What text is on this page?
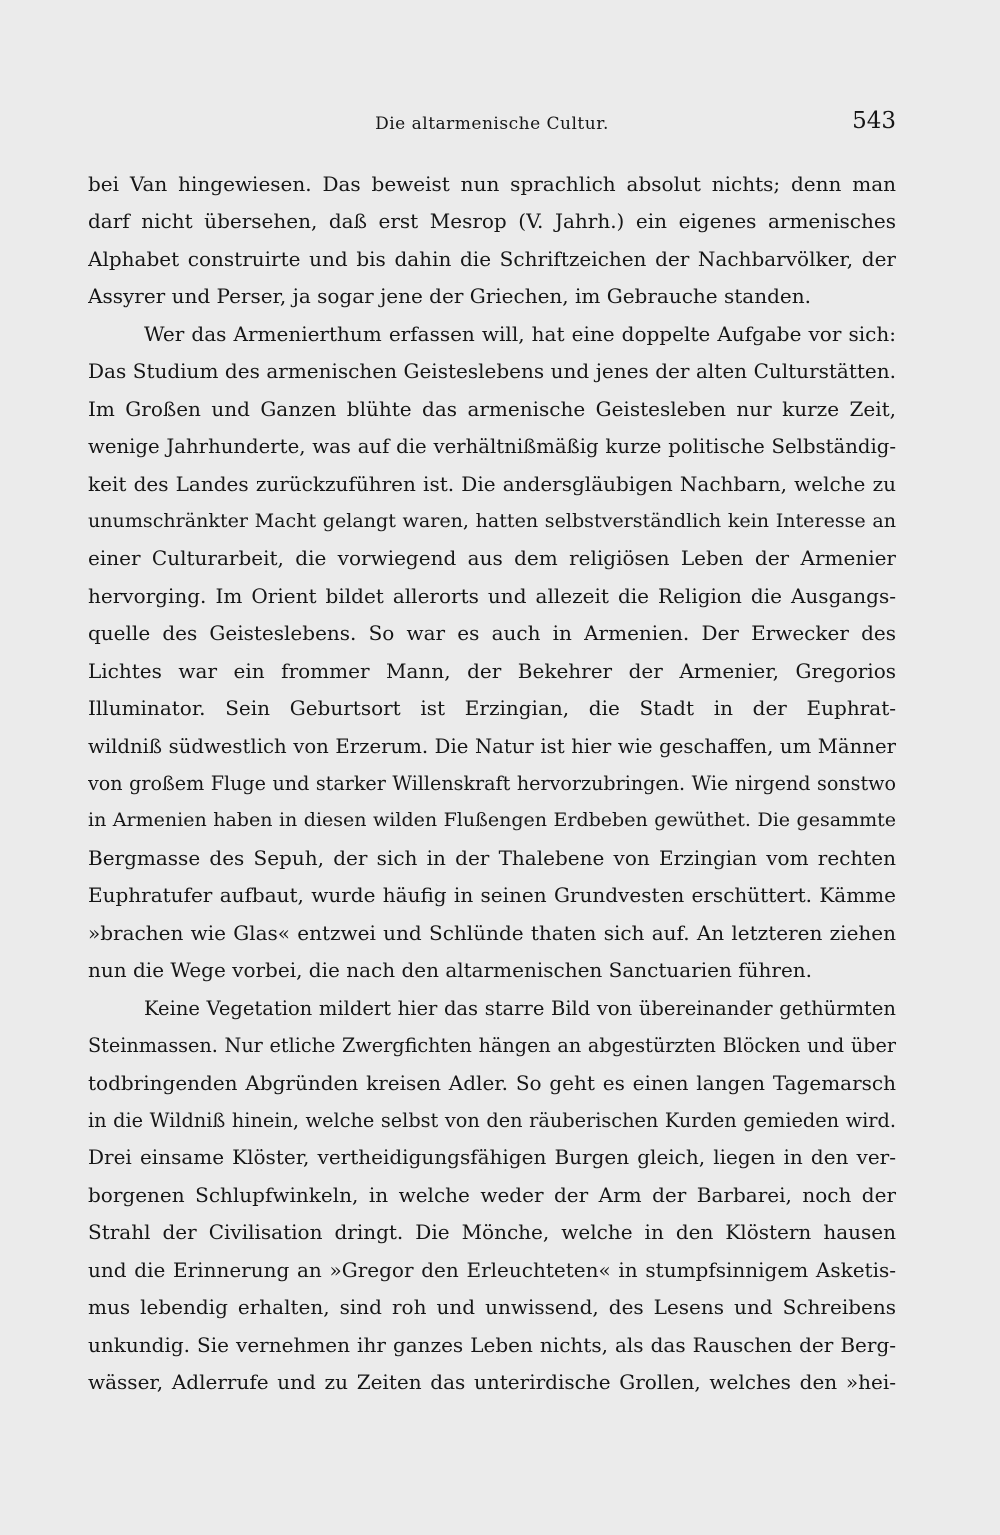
Die altarmenische Cultur.	543
bei Van hingewiesen. Das beweist nun sprachlich absolut nichts; denn man
darf nicht übersehen, daß erst Mesrop (V. Jahrh.) ein eigenes armenisches
Alphabet construirte und bis dahin die Schriftzeichen der Nachbarvölker, der
Assyrer und Perser, ja sogar jene der Griechen, im Gebrauche standen.
Wer das Armenierthum erfassen will, hat eine doppelte Aufgabe vor sich:
Das Studium des armenischen Geisteslebens und jenes der alten Culturstätten.
Im Großen und Ganzen blühte das armenische Geistesleben nur kurze Zeit,
wenige Jahrhunderte, was auf die verhältnißmäßig kurze politische Selbständig-
keit des Landes zurückzuführen ist. Die andersgläubigen Nachbarn, welche zu
unumschränkter Macht gelangt waren, hatten selbstverständlich kein Interesse an
einer Culturarbeit, die vorwiegend aus dem religiösen Leben der Armenier
hervorging. Im Orient bildet allerorts und allezeit die Religion die Ausgangs-
quelle des Geisteslebens. So war es auch in Armenien. Der Erwecker des
Lichtes war ein frommer Mann, der Bekehrer der Armenier, Gregorios
Illuminator. Sein Geburtsort ist Erzingian, die Stadt in der Euphrat-
wildniß südwestlich von Erzerum. Die Natur ist hier wie geschaffen, um Männer
von großem Fluge und starker Willenskraft hervorzubringen. Wie nirgend sonstwo
in Armenien haben in diesen wilden Flußengen Erdbeben gewüthet. Die gesammte
Bergmasse des Sepuh, der sich in der Thalebene von Erzingian vom rechten
Euphratufer aufbaut, wurde häufig in seinen Grundvesten erschüttert. Kämme
»brachen wie Glas« entzwei und Schlünde thaten sich auf. An letzteren ziehen
nun die Wege vorbei, die nach den altarmenischen Sanctuarien führen.
Keine Vegetation mildert hier das starre Bild von übereinander gethürmten
Steinmassen. Nur etliche Zwergfichten hängen an abgestürzten Blöcken und über
todbringenden Abgründen kreisen Adler. So geht es einen langen Tagemarsch
in die Wildniß hinein, welche selbst von den räuberischen Kurden gemieden wird.
Drei einsame Klöster, vertheidigungsfähigen Burgen gleich, liegen in den ver-
borgenen Schlupfwinkeln, in welche weder der Arm der Barbarei, noch der
Strahl der Civilisation dringt. Die Mönche, welche in den Klöstern hausen
und die Erinnerung an »Gregor den Erleuchteten« in stumpfsinnigem Asketis-
mus lebendig erhalten, sind roh und unwissend, des Lesens und Schreibens
unkundig. Sie vernehmen ihr ganzes Leben nichts, als das Rauschen der Berg-
wässer, Adlerrufe und zu Zeiten das unterirdische Grollen, welches den »hei-
